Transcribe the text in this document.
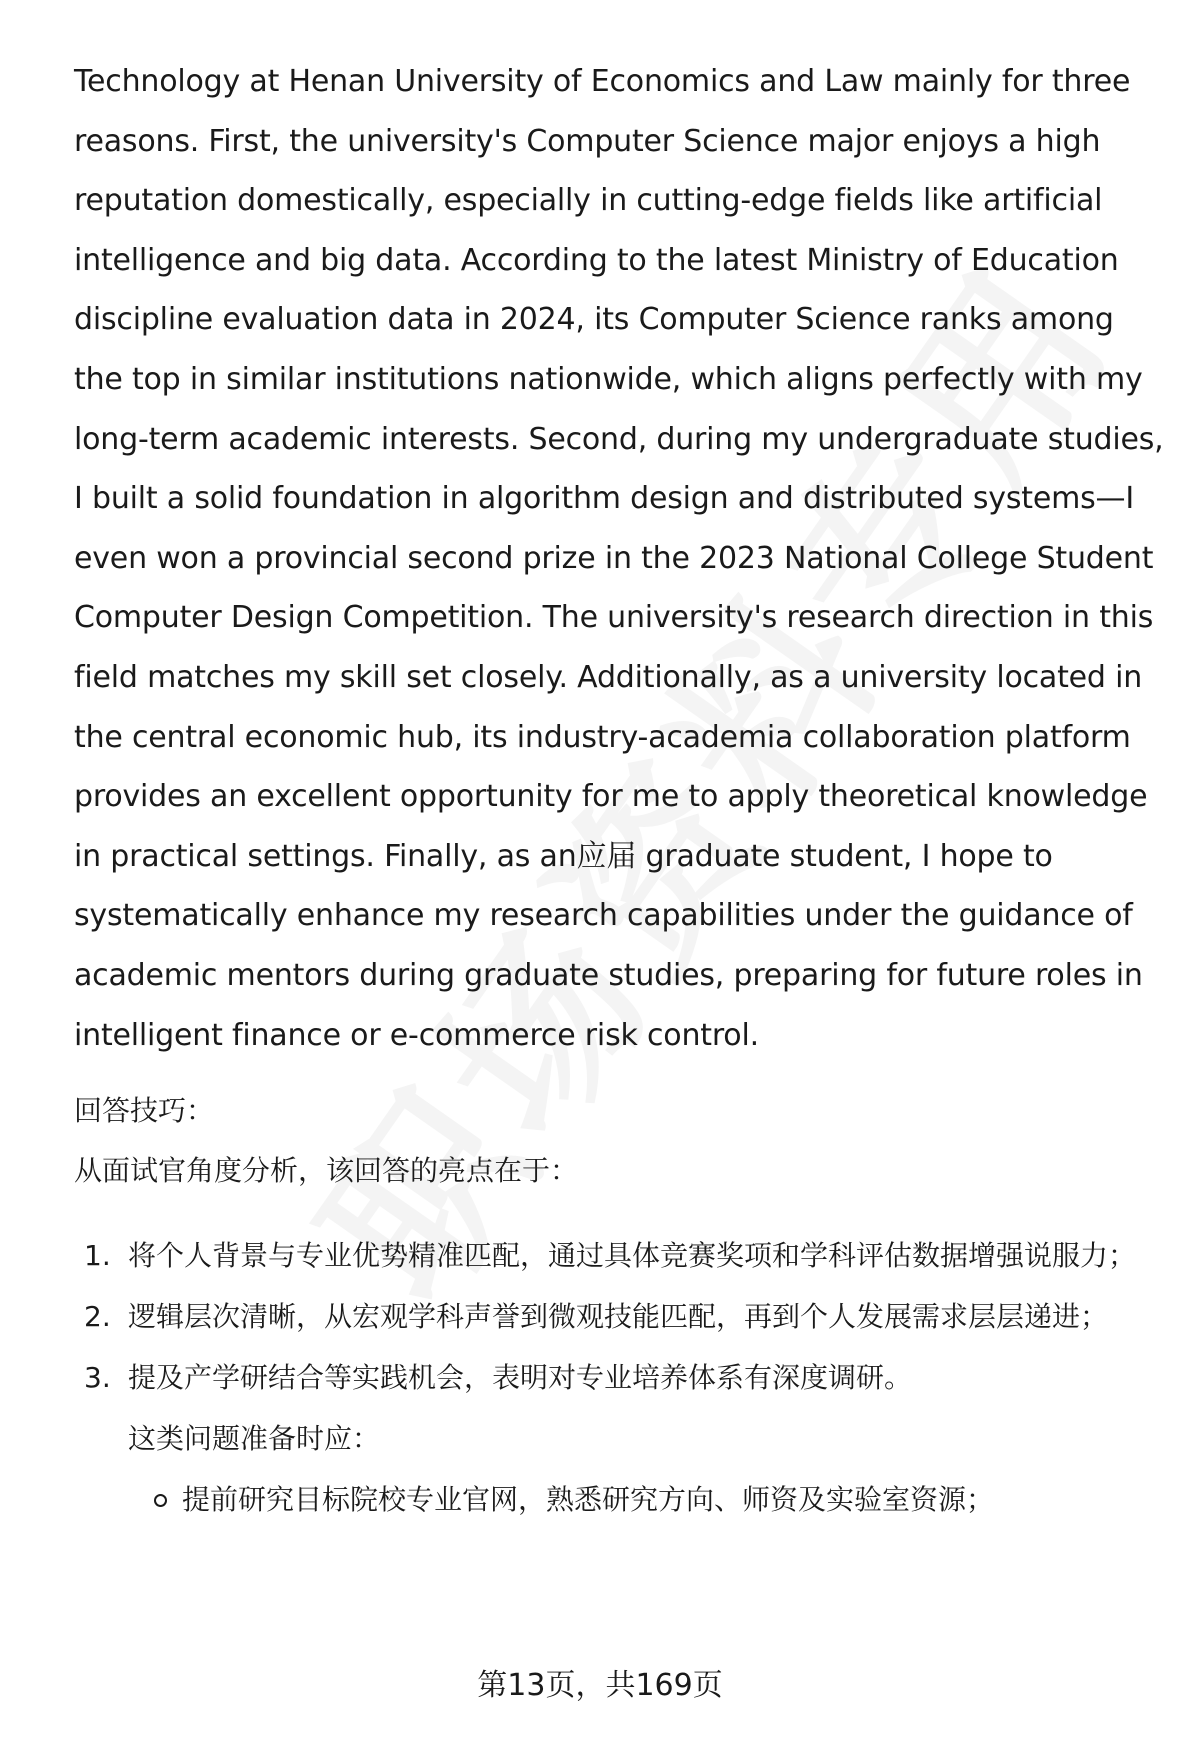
Technology at Henan University of Economics and Law mainly for three reasons. First, the university's Computer Science major enjoys a high reputation domestically, especially in cutting-edge fields like artificial intelligence and big data. According to the latest Ministry of Education discipline evaluation data in 2024, its Computer Science ranks among the top in similar institutions nationwide, which aligns perfectly with my long-term academic interests. Second, during my undergraduate studies, I built a solid foundation in algorithm design and distributed systems—I even won a provincial second prize in the 2023 National College Student Computer Design Competition. The university's research direction in this field matches my skill set closely. Additionally, as a university located in the central economic hub, its industry-academia collaboration platform provides an excellent opportunity for me to apply theoretical knowledge in practical settings. Finally, as an应届 graduate student, I hope to systematically enhance my research capabilities under the guidance of academic mentors during graduate studies, preparing for future roles in intelligent finance or e-commerce risk control.

回答技巧：

从面试官角度分析，该回答的亮点在于：

1. 将个人背景与专业优势精准匹配，通过具体竞赛奖项和学科评估数据增强说服力；
2. 逻辑层次清晰，从宏观学科声誉到微观技能匹配，再到个人发展需求层层递进；
3. 提及产学研结合等实践机会，表明对专业培养体系有深度调研。

这类问题准备时应：

提前研究目标院校专业官网，熟悉研究方向、师资及实验室资源；
第13页，共169页
